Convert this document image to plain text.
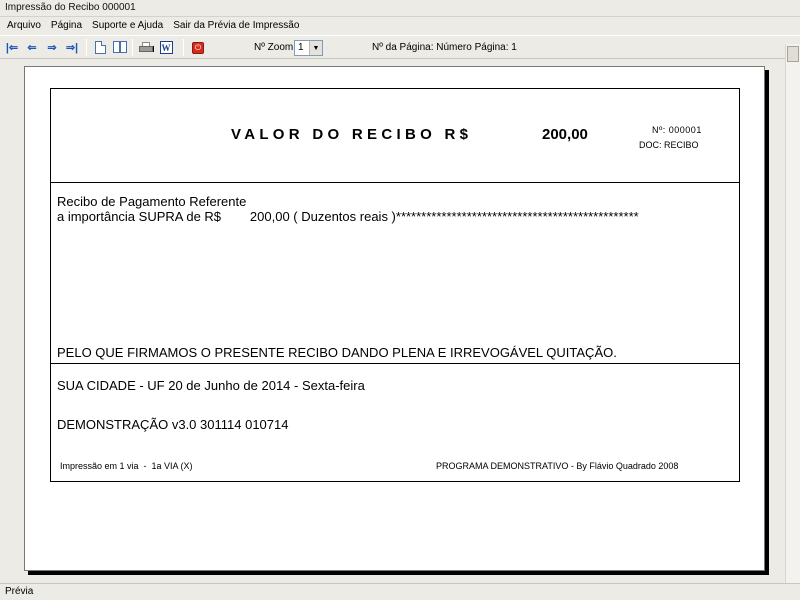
Impressão do Recibo 000001
Arquivo	Página	Suporte e Ajuda	Sair da Prévia de Impressão
|⇐ ⇐ ⇒ ⇒|	W	⏻	Nº Zoom 1	▼	Nº da Página: Número Página: 1
VALOR DO RECIBO R$	200,00	Nº: 000001
DOC: RECIBO
Recibo de Pagamento Referente
a importância SUPRA de R$        200,00 ( Duzentos reais )************************************************
PELO QUE FIRMAMOS O PRESENTE RECIBO DANDO PLENA E IRREVOGÁVEL QUITAÇÃO.
SUA CIDADE - UF 20 de Junho de 2014 - Sexta-feira
DEMONSTRAÇÃO v3.0 301114 010714
Impressão em 1 via  -  1a VIA (X)	PROGRAMA DEMONSTRATIVO - By Flávio Quadrado 2008
Prévia
